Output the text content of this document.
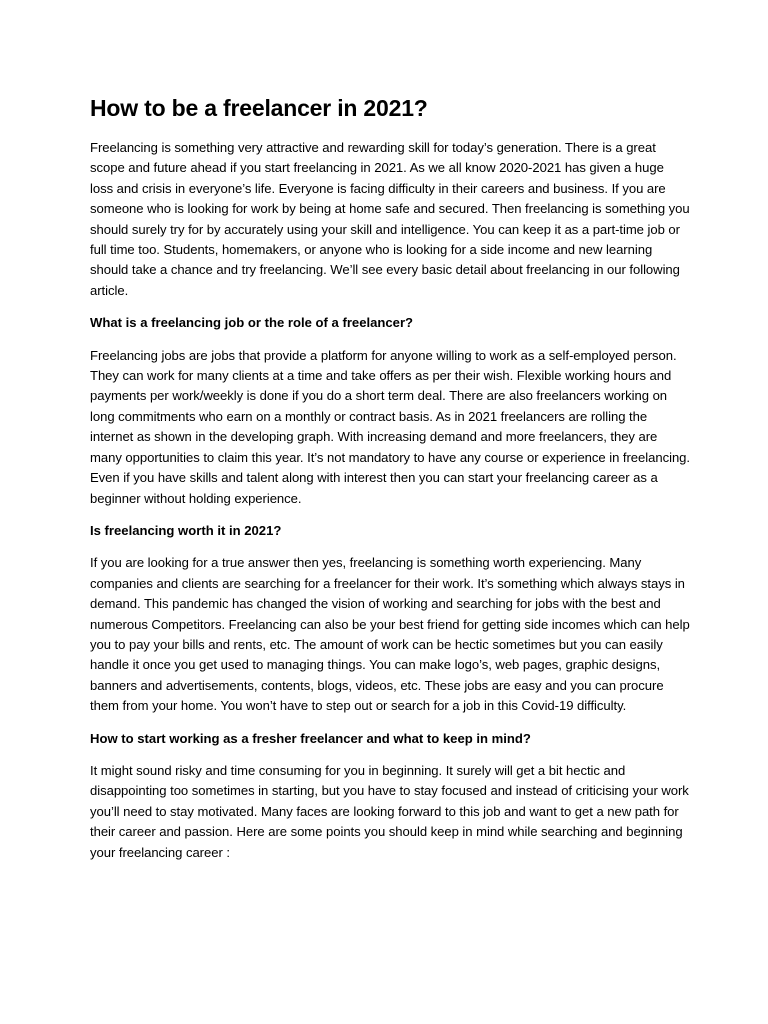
How to be a freelancer in 2021?

Freelancing is something very attractive and rewarding skill for today’s generation. There is a great scope and future ahead if you start freelancing in 2021. As we all know 2020-2021 has given a huge loss and crisis in everyone’s life. Everyone is facing difficulty in their careers and business. If you are someone who is looking for work by being at home safe and secured. Then freelancing is something you should surely try for by accurately using your skill and intelligence. You can keep it as a part-time job or full time too. Students, homemakers, or anyone who is looking for a side income and new learning should take a chance and try freelancing. We’ll see every basic detail about freelancing in our following article.

What is a freelancing job or the role of a freelancer?

Freelancing jobs are jobs that provide a platform for anyone willing to work as a self-employed person. They can work for many clients at a time and take offers as per their wish. Flexible working hours and payments per work/weekly is done if you do a short term deal. There are also freelancers working on long commitments who earn on a monthly or contract basis. As in 2021 freelancers are rolling the internet as shown in the developing graph. With increasing demand and more freelancers, they are many opportunities to claim this year. It’s not mandatory to have any course or experience in freelancing. Even if you have skills and talent along with interest then you can start your freelancing career as a beginner without holding experience.

Is freelancing worth it in 2021?

If you are looking for a true answer then yes, freelancing is something worth experiencing. Many companies and clients are searching for a freelancer for their work. It’s something which always stays in demand. This pandemic has changed the vision of working and searching for jobs with the best and numerous Competitors. Freelancing can also be your best friend for getting side incomes which can help you to pay your bills and rents, etc. The amount of work can be hectic sometimes but you can easily handle it once you get used to managing things. You can make logo’s, web pages, graphic designs, banners and advertisements, contents, blogs, videos, etc. These jobs are easy and you can procure them from your home. You won’t have to step out or search for a job in this Covid-19 difficulty.

How to start working as a fresher freelancer and what to keep in mind?

It might sound risky and time consuming for you in beginning. It surely will get a bit hectic and disappointing too sometimes in starting, but you have to stay focused and instead of criticising your work you’ll need to stay motivated. Many faces are looking forward to this job and want to get a new path for their career and passion. Here are some points you should keep in mind while searching and beginning your freelancing career :
